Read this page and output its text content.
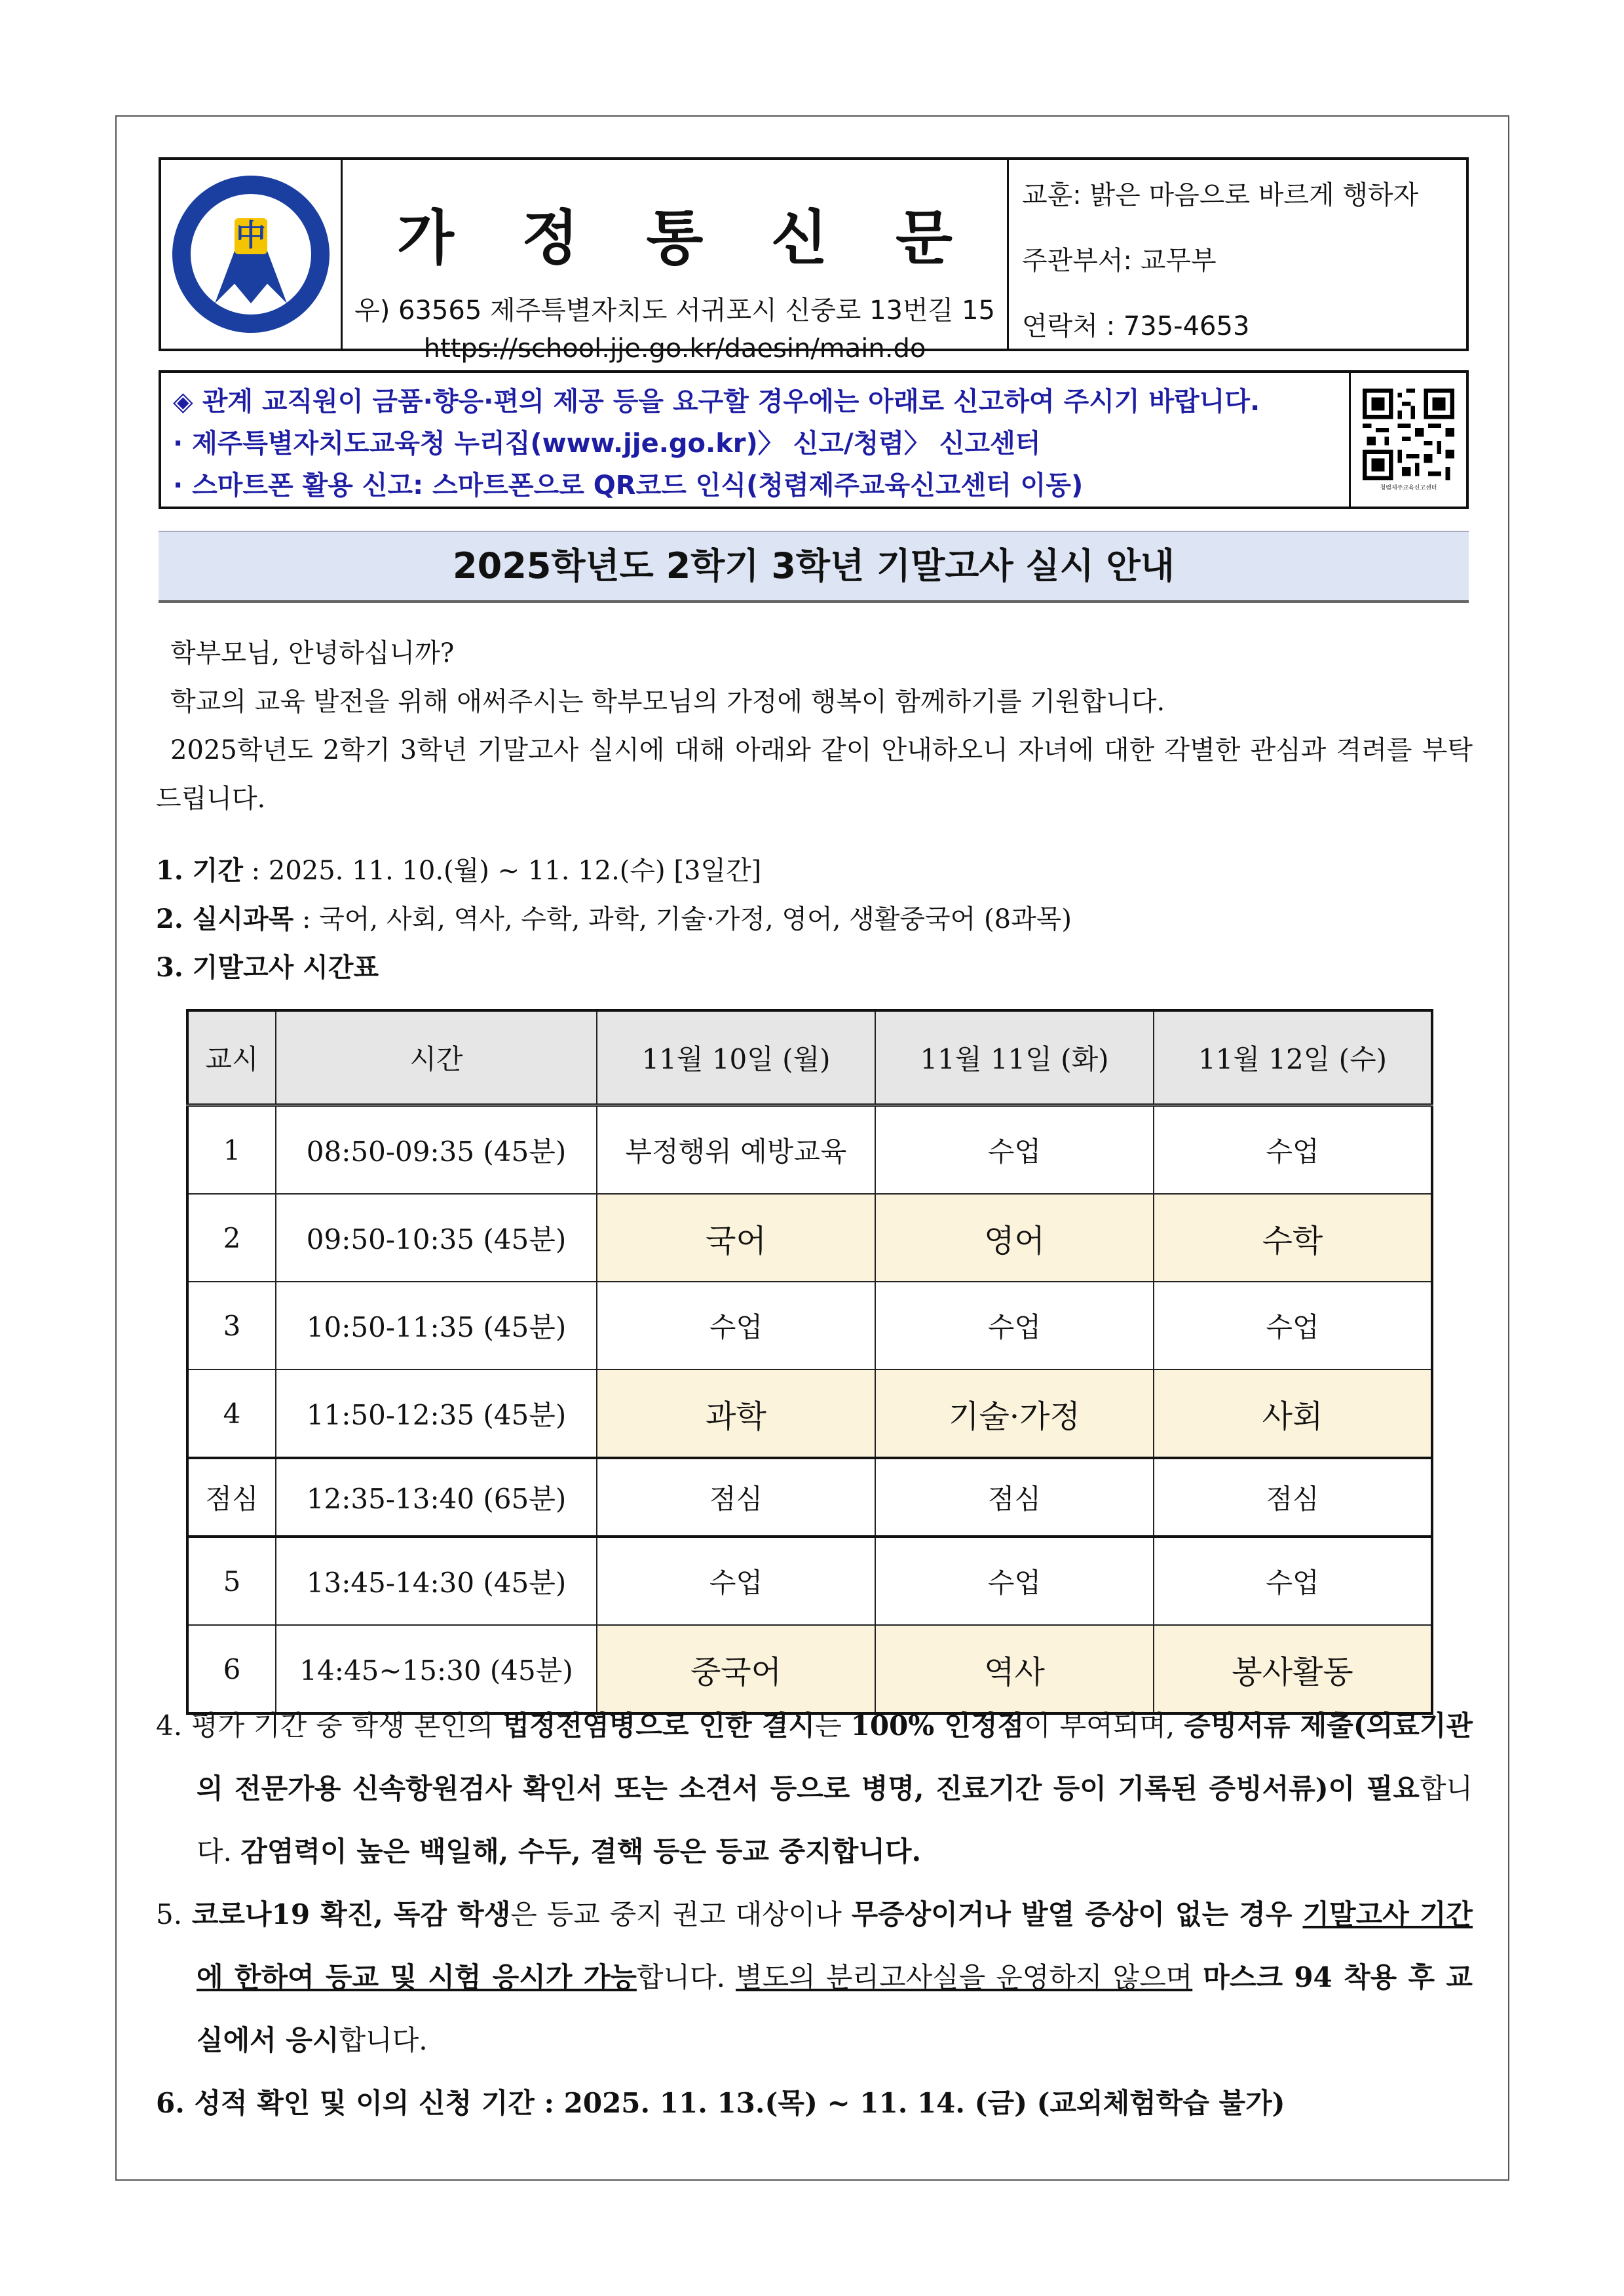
中	가 정 통 신 문
우) 63565 제주특별자치도 서귀포시 신중로 13번길 15
https://school.jje.go.kr/daesin/main.do
교훈: 밝은 마음으로 바르게 행하자
주관부서: 교무부
연락처 : 735-4653
◈ 관계 교직원이 금품·향응·편의 제공 등을 요구할 경우에는 아래로 신고하여 주시기 바랍니다.
· 제주특별자치도교육청 누리집(www.jje.go.kr)〉 신고/청렴〉 신고센터
· 스마트폰 활용 신고: 스마트폰으로 QR코드 인식(청렴제주교육신고센터 이동)	청렴제주교육신고센터
2025학년도 2학기 3학년 기말고사 실시 안내

학부모님, 안녕하십니까?

학교의 교육 발전을 위해 애써주시는 학부모님의 가정에 행복이 함께하기를 기원합니다.

2025학년도 2학기 3학년 기말고사 실시에 대해 아래와 같이 안내하오니 자녀에 대한 각별한 관심과 격려를 부탁드립니다.

1. 기간 : 2025. 11. 10.(월) ~ 11. 12.(수) [3일간]
2. 실시과목 : 국어, 사회, 역사, 수학, 과학, 기술·가정, 영어, 생활중국어 (8과목)
3. 기말고사 시간표
교시	시간	11월 10일 (월)	11월 11일 (화)	11월 12일 (수)
1	08:50-09:35 (45분)	부정행위 예방교육	수업	수업
2	09:50-10:35 (45분)	국어	영어	수학
3	10:50-11:35 (45분)	수업	수업	수업
4	11:50-12:35 (45분)	과학	기술·가정	사회
점심	12:35-13:40 (65분)	점심	점심	점심
5	13:45-14:30 (45분)	수업	수업	수업
6	14:45~15:30 (45분)	중국어	역사	봉사활동
4. 평가 기간 중 학생 본인의 법정전염병으로 인한 결시는 100% 인정점이 부여되며, 증빙서류 제출(의료기관의 전문가용 신속항원검사 확인서 또는 소견서 등으로 병명, 진료기간 등이 기록된 증빙서류)이 필요합니다. 감염력이 높은 백일해, 수두, 결핵 등은 등교 중지합니다.
5. 코로나19 확진, 독감 학생은 등교 중지 권고 대상이나 무증상이거나 발열 증상이 없는 경우 기말고사 기간에 한하여 등교 및 시험 응시가 가능합니다. 별도의 분리고사실을 운영하지 않으며 마스크 94 착용 후 교실에서 응시합니다.
6. 성적 확인 및 이의 신청 기간 : 2025. 11. 13.(목) ~ 11. 14. (금) (교외체험학습 불가)
